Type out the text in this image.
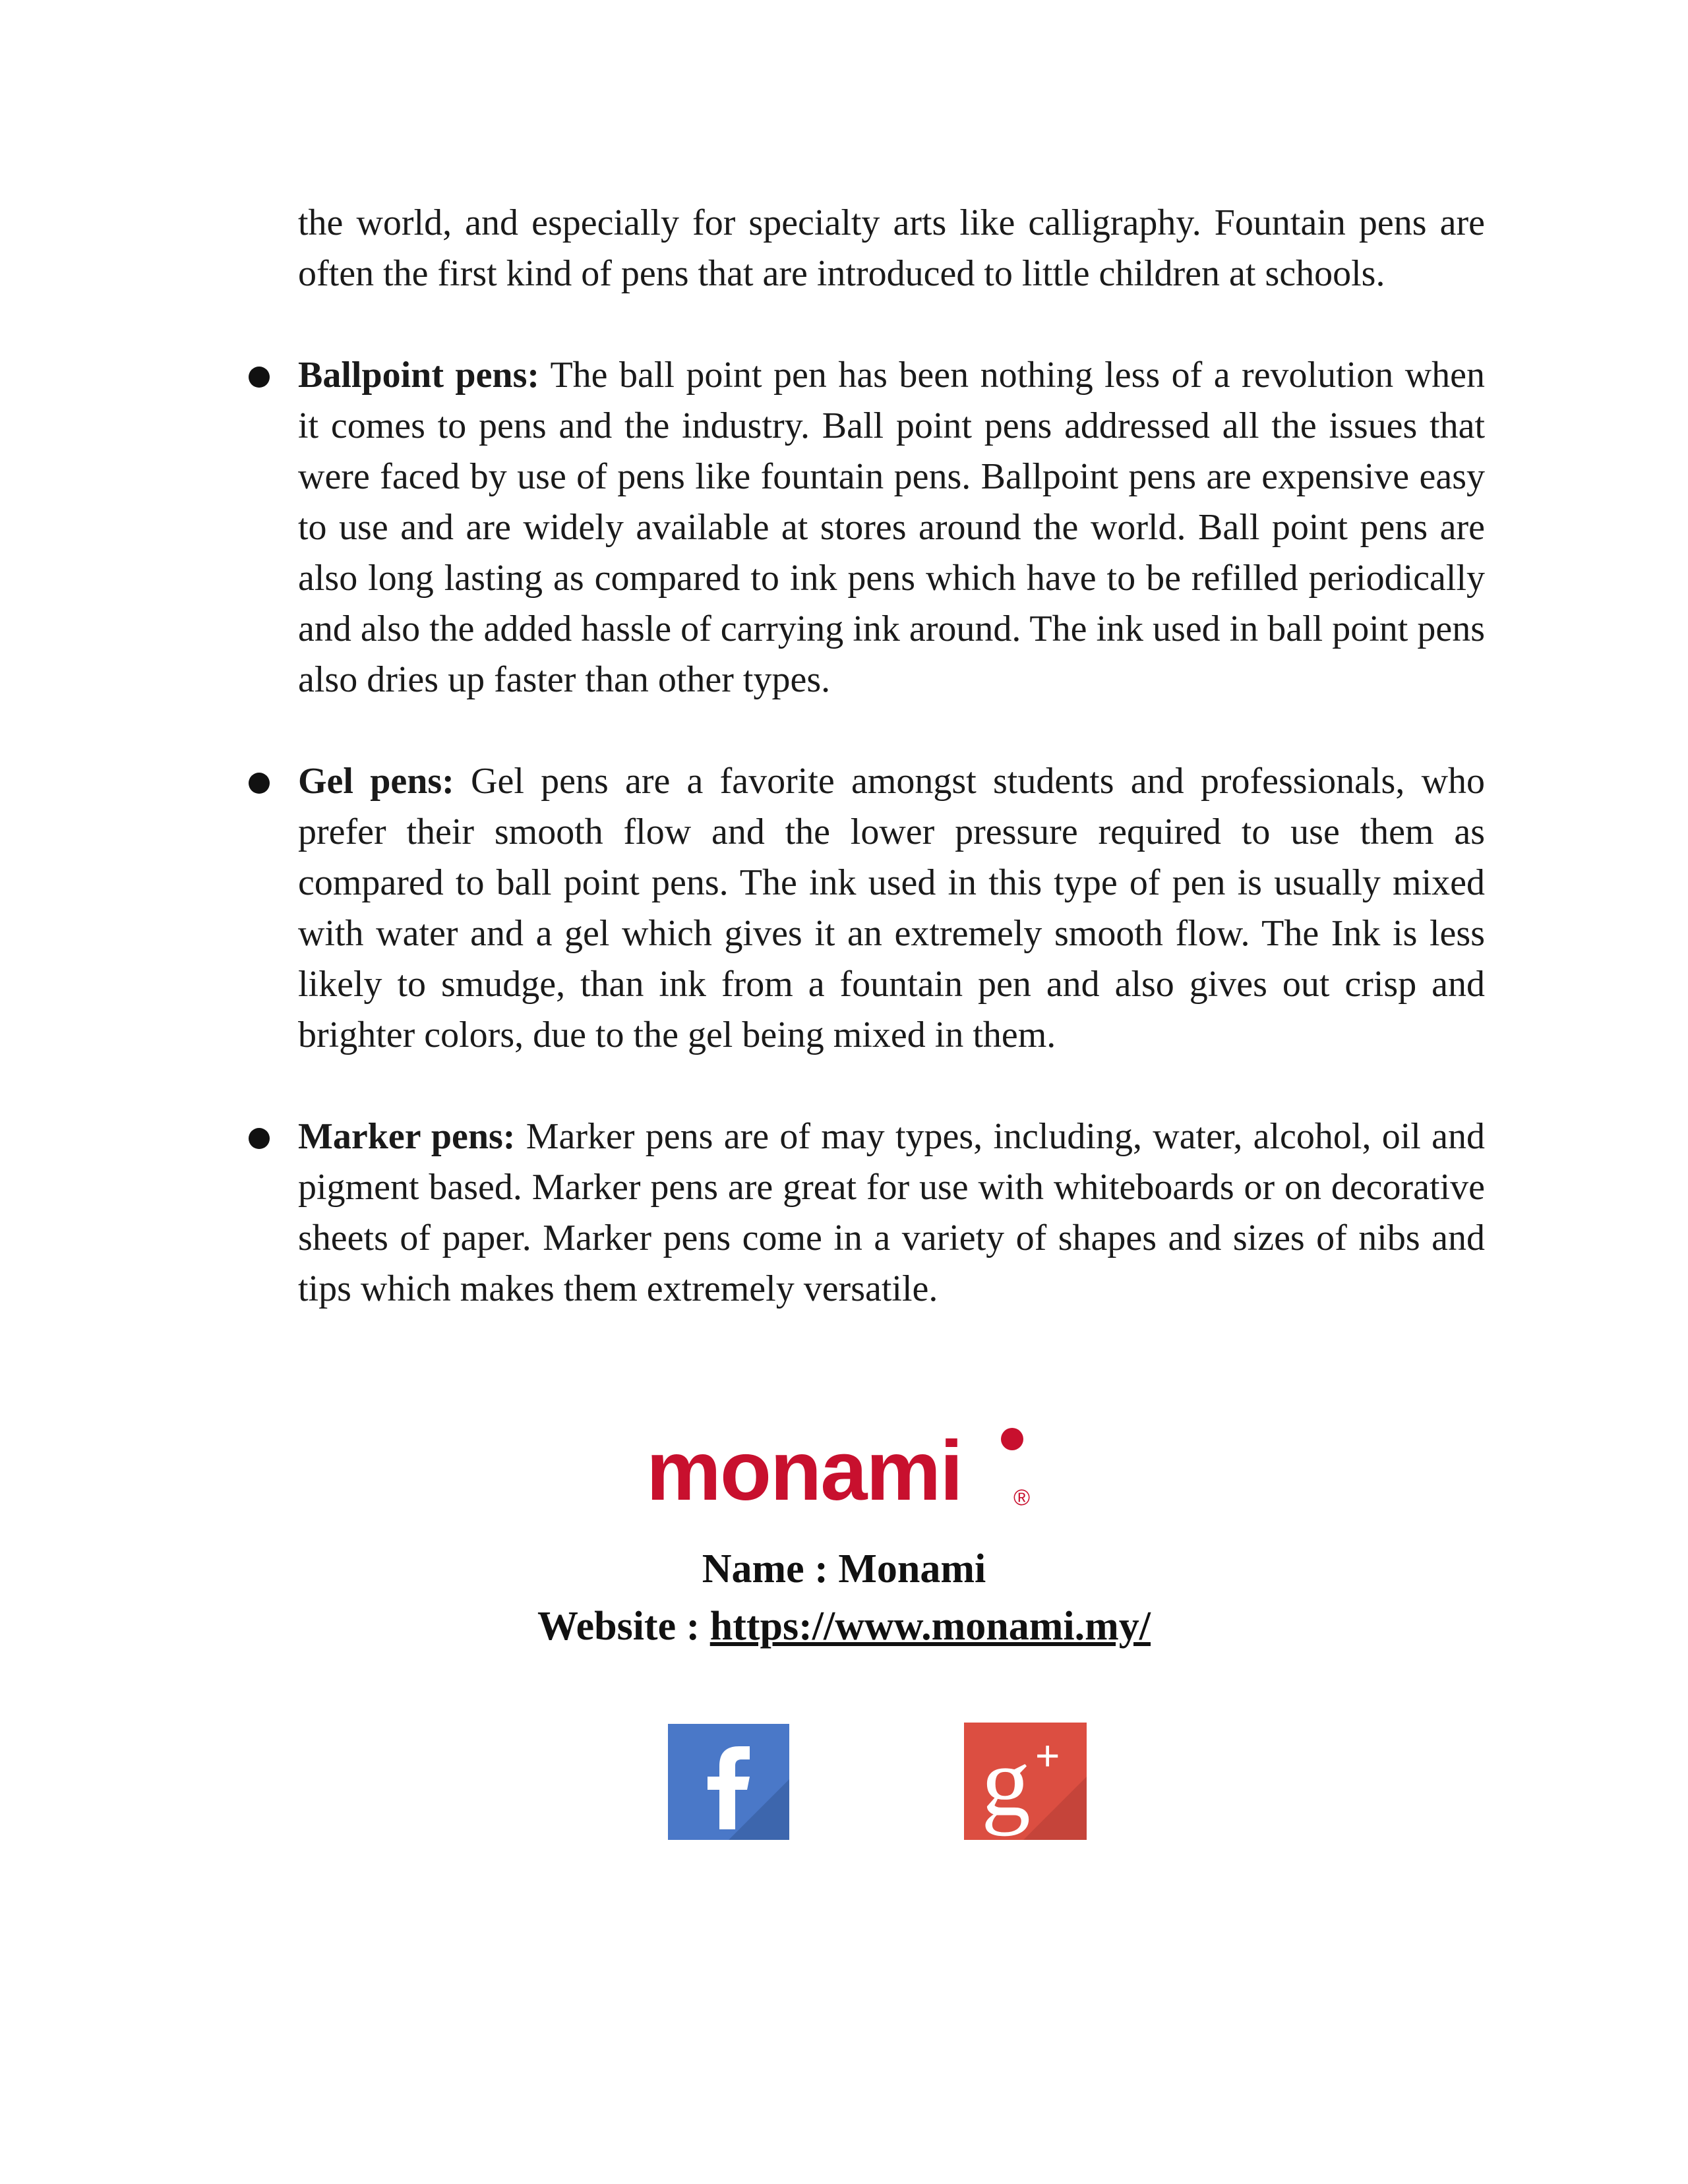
the world, and especially for specialty arts like calligraphy. Fountain pens are often the first kind of pens that are introduced to little children at schools.

Ballpoint pens: The ball point pen has been nothing less of a revolution when it comes to pens and the industry. Ball point pens addressed all the issues that were faced by use of pens like fountain pens. Ballpoint pens are expensive easy to use and are widely available at stores around the world. Ball point pens are also long lasting as compared to ink pens which have to be refilled periodically and also the added hassle of carrying ink around. The ink used in ball point pens also dries up faster than other types.

Gel pens: Gel pens are a favorite amongst students and professionals, who prefer their smooth flow and the lower pressure required to use them as compared to ball point pens. The ink used in this type of pen is usually mixed with water and a gel which gives it an extremely smooth flow. The Ink is less likely to smudge, than ink from a fountain pen and also gives out crisp and brighter colors, due to the gel being mixed in them.

Marker pens: Marker pens are of may types, including, water, alcohol, oil and pigment based. Marker pens are great for use with whiteboards or on decorative sheets of paper. Marker pens come in a variety of shapes and sizes of nibs and tips which makes them extremely versatile.

monami ®
Name : Monami
Website : https://www.monami.my/
g +
